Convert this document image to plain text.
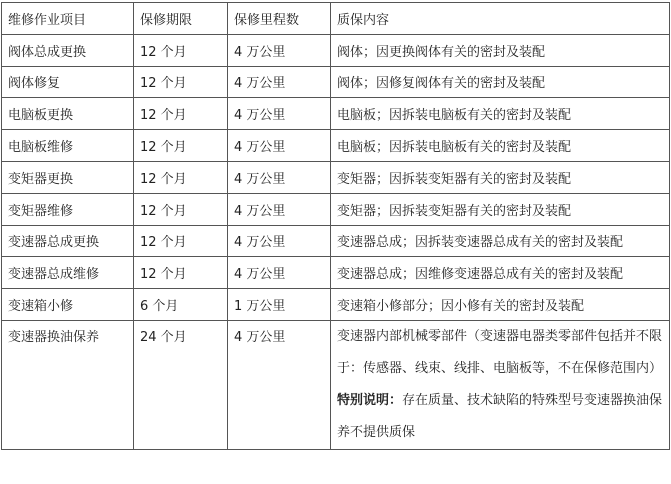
维修作业项目	保修期限	保修里程数	质保内容
阀体总成更换	12 个月	4 万公里	阀体；因更换阀体有关的密封及装配
阀体修复	12 个月	4 万公里	阀体；因修复阀体有关的密封及装配
电脑板更换	12 个月	4 万公里	电脑板；因拆装电脑板有关的密封及装配
电脑板维修	12 个月	4 万公里	电脑板；因拆装电脑板有关的密封及装配
变矩器更换	12 个月	4 万公里	变矩器；因拆装变矩器有关的密封及装配
变矩器维修	12 个月	4 万公里	变矩器；因拆装变矩器有关的密封及装配
变速器总成更换	12 个月	4 万公里	变速器总成；因拆装变速器总成有关的密封及装配
变速器总成维修	12 个月	4 万公里	变速器总成；因维修变速器总成有关的密封及装配
变速箱小修	6 个月	1 万公里	变速箱小修部分；因小修有关的密封及装配
变速器换油保养	24 个月	4 万公里	变速器内部机械零部件（变速器电器类零部件包括并不限于：传感器、线束、线排、电脑板等，不在保修范围内）
特别说明：存在质量、技术缺陷的特殊型号变速器换油保养不提供质保
